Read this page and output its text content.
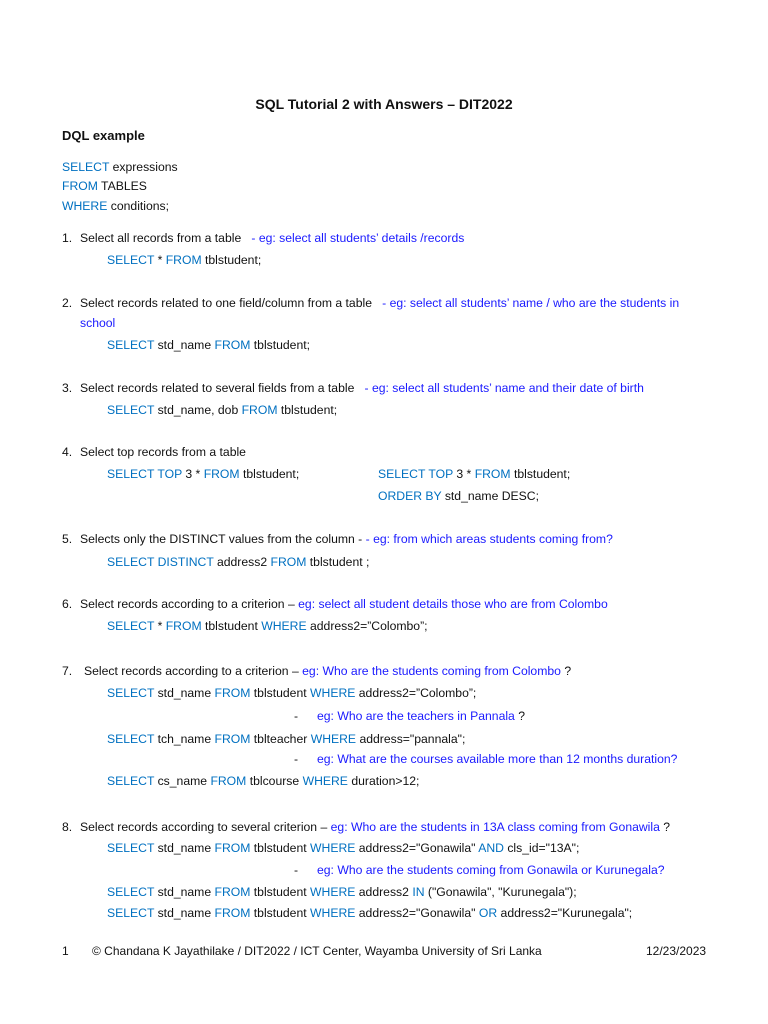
SQL Tutorial 2 with Answers – DIT2022
DQL example
SELECT expressions
FROM TABLES
WHERE conditions;
1. Select all records from a table - eg: select all students’ details /records
SELECT * FROM tblstudent;
2. Select records related to one field/column from a table - eg: select all students’ name / who are the students in
school
SELECT std_name FROM tblstudent;
3. Select records related to several fields from a table - eg: select all students’ name and their date of birth
SELECT std_name, dob FROM tblstudent;
4. Select top records from a table
SELECT TOP 3 * FROM tblstudent;	SELECT TOP 3 * FROM tblstudent;
ORDER BY std_name DESC;
5. Selects only the DISTINCT values from the column - - eg: from which areas students coming from?
SELECT DISTINCT address2 FROM tblstudent ;
6. Select records according to a criterion – eg: select all student details those who are from Colombo
SELECT * FROM tblstudent WHERE address2=”Colombo”;
7. Select records according to a criterion – eg: Who are the students coming from Colombo ?
SELECT std_name FROM tblstudent WHERE address2=”Colombo”;
- eg: Who are the teachers in Pannala ?
SELECT tch_name FROM tblteacher WHERE address="pannala";
- eg: What are the courses available more than 12 months duration?
SELECT cs_name FROM tblcourse WHERE duration>12;
8. Select records according to several criterion – eg: Who are the students in 13A class coming from Gonawila ?
SELECT std_name FROM tblstudent WHERE address2="Gonawila" AND cls_id="13A";
- eg: Who are the students coming from Gonawila or Kurunegala?
SELECT std_name FROM tblstudent WHERE address2 IN ("Gonawila", "Kurunegala");
SELECT std_name FROM tblstudent WHERE address2="Gonawila" OR address2="Kurunegala";
1 © Chandana K Jayathilake / DIT2022 / ICT Center, Wayamba University of Sri Lanka	12/23/2023
